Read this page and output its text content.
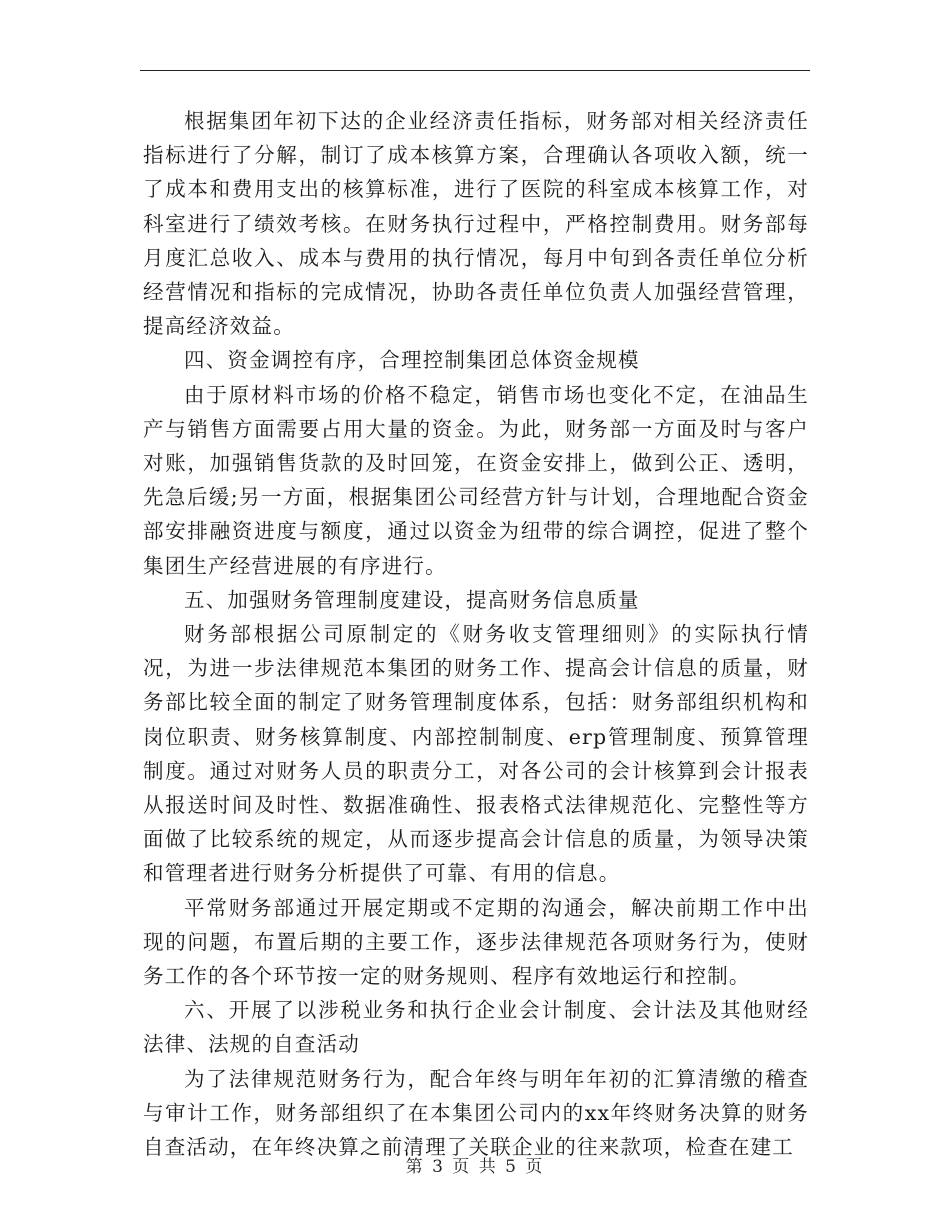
根据集团年初下达的企业经济责任指标，财务部对相关经济责任指标进行了分解，制订了成本核算方案，合理确认各项收入额，统一了成本和费用支出的核算标准，进行了医院的科室成本核算工作，对科室进行了绩效考核。在财务执行过程中，严格控制费用。财务部每月度汇总收入、成本与费用的执行情况，每月中旬到各责任单位分析经营情况和指标的完成情况，协助各责任单位负责人加强经营管理，提高经济效益。

四、资金调控有序，合理控制集团总体资金规模

由于原材料市场的价格不稳定，销售市场也变化不定，在油品生产与销售方面需要占用大量的资金。为此，财务部一方面及时与客户对账，加强销售货款的及时回笼，在资金安排上，做到公正、透明，先急后缓;另一方面，根据集团公司经营方针与计划，合理地配合资金部安排融资进度与额度，通过以资金为纽带的综合调控，促进了整个集团生产经营进展的有序进行。

五、加强财务管理制度建设，提高财务信息质量

财务部根据公司原制定的《财务收支管理细则》的实际执行情况，为进一步法律规范本集团的财务工作、提高会计信息的质量，财务部比较全面的制定了财务管理制度体系，包括：财务部组织机构和岗位职责、财务核算制度、内部控制制度、erp管理制度、预算管理制度。通过对财务人员的职责分工，对各公司的会计核算到会计报表从报送时间及时性、数据准确性、报表格式法律规范化、完整性等方面做了比较系统的规定，从而逐步提高会计信息的质量，为领导决策和管理者进行财务分析提供了可靠、有用的信息。

平常财务部通过开展定期或不定期的沟通会，解决前期工作中出现的问题，布置后期的主要工作，逐步法律规范各项财务行为，使财务工作的各个环节按一定的财务规则、程序有效地运行和控制。

六、开展了以涉税业务和执行企业会计制度、会计法及其他财经法律、法规的自查活动

为了法律规范财务行为，配合年终与明年年初的汇算清缴的稽查与审计工作，财务部组织了在本集团公司内的xx年终财务决算的财务自查活动，在年终决算之前清理了关联企业的往来款项，检查在建工

第 3 页 共 5 页
